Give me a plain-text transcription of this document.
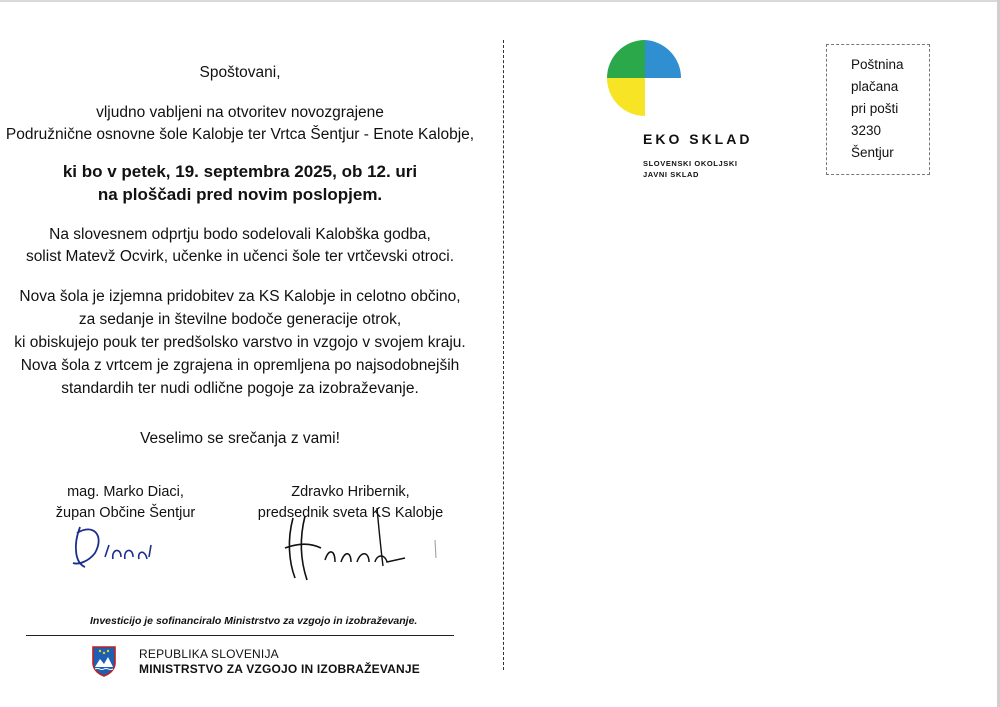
Spoštovani,
vljudno vabljeni na otvoritev novozgrajene
Podružnične osnovne šole Kalobje ter Vrtca Šentjur - Enote Kalobje,
ki bo v petek, 19. septembra 2025, ob 12. uri
na ploščadi pred novim poslopjem.
Na slovesnem odprtju bodo sodelovali Kalobška godba,
solist Matevž Ocvirk, učenke in učenci šole ter vrtčevski otroci.
Nova šola je izjemna pridobitev za KS Kalobje in celotno občino,
za sedanje in številne bodoče generacije otrok,
ki obiskujejo pouk ter predšolsko varstvo in vzgojo v svojem kraju.
Nova šola z vrtcem je zgrajena in opremljena po najsodobnejših
standardih ter nudi odlične pogoje za izobraževanje.
Veselimo se srečanja z vami!
mag. Marko Diaci,
župan Občine Šentjur
Zdravko Hribernik,
predsednik sveta KS Kalobje
Investicijo je sofinanciralo Ministrstvo za vzgojo in izobraževanje.
REPUBLIKA SLOVENIJA
MINISTRSTVO ZA VZGOJO IN IZOBRAŽEVANJE
EKO SKLAD
SLOVENSKI OKOLJSKI
JAVNI SKLAD
Poštnina
plačana
pri pošti
3230
Šentjur
